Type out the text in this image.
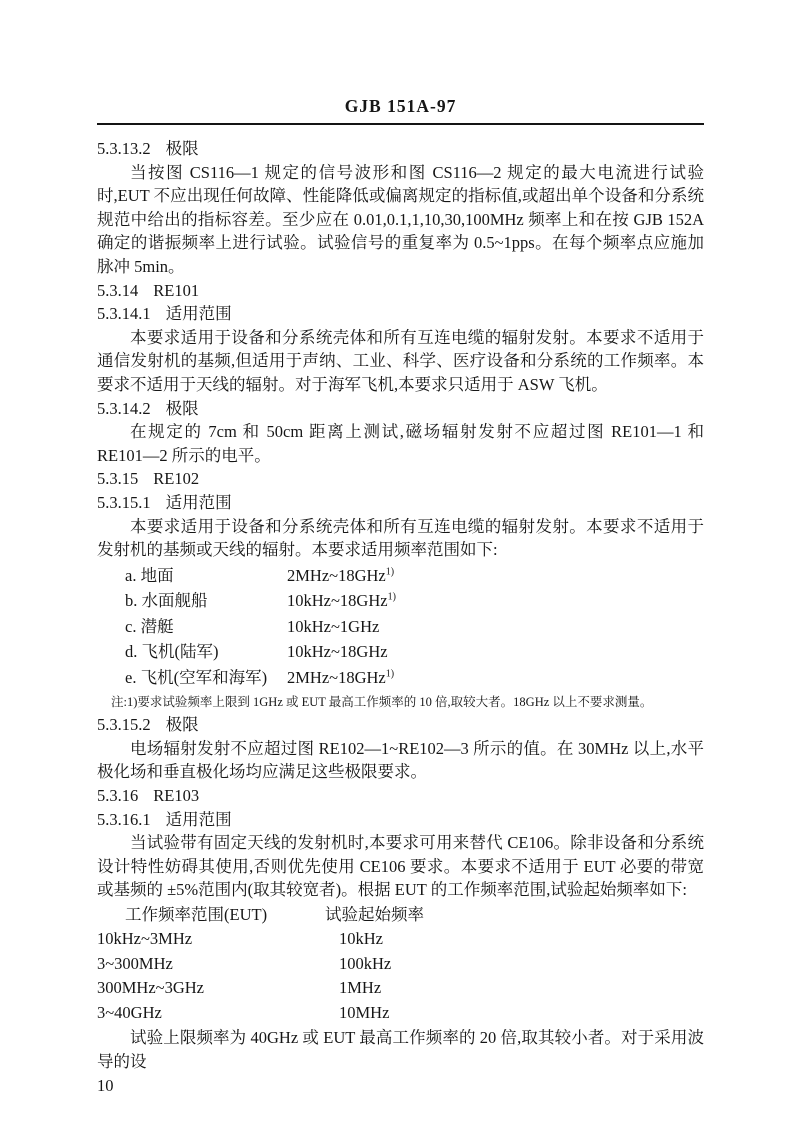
GJB 151A-97
5.3.13.2 极限

当按图 CS116—1 规定的信号波形和图 CS116—2 规定的最大电流进行试验时,EUT 不应出现任何故障、性能降低或偏离规定的指标值,或超出单个设备和分系统规范中给出的指标容差。至少应在 0.01,0.1,1,10,30,100MHz 频率上和在按 GJB 152A 确定的谐振频率上进行试验。试验信号的重复率为 0.5~1pps。在每个频率点应施加脉冲 5min。

5.3.14 RE101
5.3.14.1 适用范围

本要求适用于设备和分系统壳体和所有互连电缆的辐射发射。本要求不适用于通信发射机的基频,但适用于声纳、工业、科学、医疗设备和分系统的工作频率。本要求不适用于天线的辐射。对于海军飞机,本要求只适用于 ASW 飞机。

5.3.14.2 极限

在规定的 7cm 和 50cm 距离上测试,磁场辐射发射不应超过图 RE101—1 和 RE101—2 所示的电平。

5.3.15 RE102
5.3.15.1 适用范围

本要求适用于设备和分系统壳体和所有互连电缆的辐射发射。本要求不适用于发射机的基频或天线的辐射。本要求适用频率范围如下:

a. 地面	2MHz~18GHz$^{1)}$
b. 水面舰船	10kHz~18GHz$^{1)}$
c. 潜艇	10kHz~1GHz
d. 飞机(陆军)	10kHz~18GHz
e. 飞机(空军和海军)	2MHz~18GHz$^{1)}$
注:1)要求试验频率上限到 1GHz 或 EUT 最高工作频率的 10 倍,取较大者。18GHz 以上不要求测量。
5.3.15.2 极限

电场辐射发射不应超过图 RE102—1~RE102—3 所示的值。在 30MHz 以上,水平极化场和垂直极化场均应满足这些极限要求。

5.3.16 RE103
5.3.16.1 适用范围

当试验带有固定天线的发射机时,本要求可用来替代 CE106。除非设备和分系统设计特性妨碍其使用,否则优先使用 CE106 要求。本要求不适用于 EUT 必要的带宽或基频的 ±5%范围内(取其较宽者)。根据 EUT 的工作频率范围,试验起始频率如下:

工作频率范围(EUT)	试验起始频率
10kHz~3MHz	10kHz
3~300MHz	100kHz
300MHz~3GHz	1MHz
3~40GHz	10MHz

试验上限频率为 40GHz 或 EUT 最高工作频率的 20 倍,取其较小者。对于采用波导的设

10
